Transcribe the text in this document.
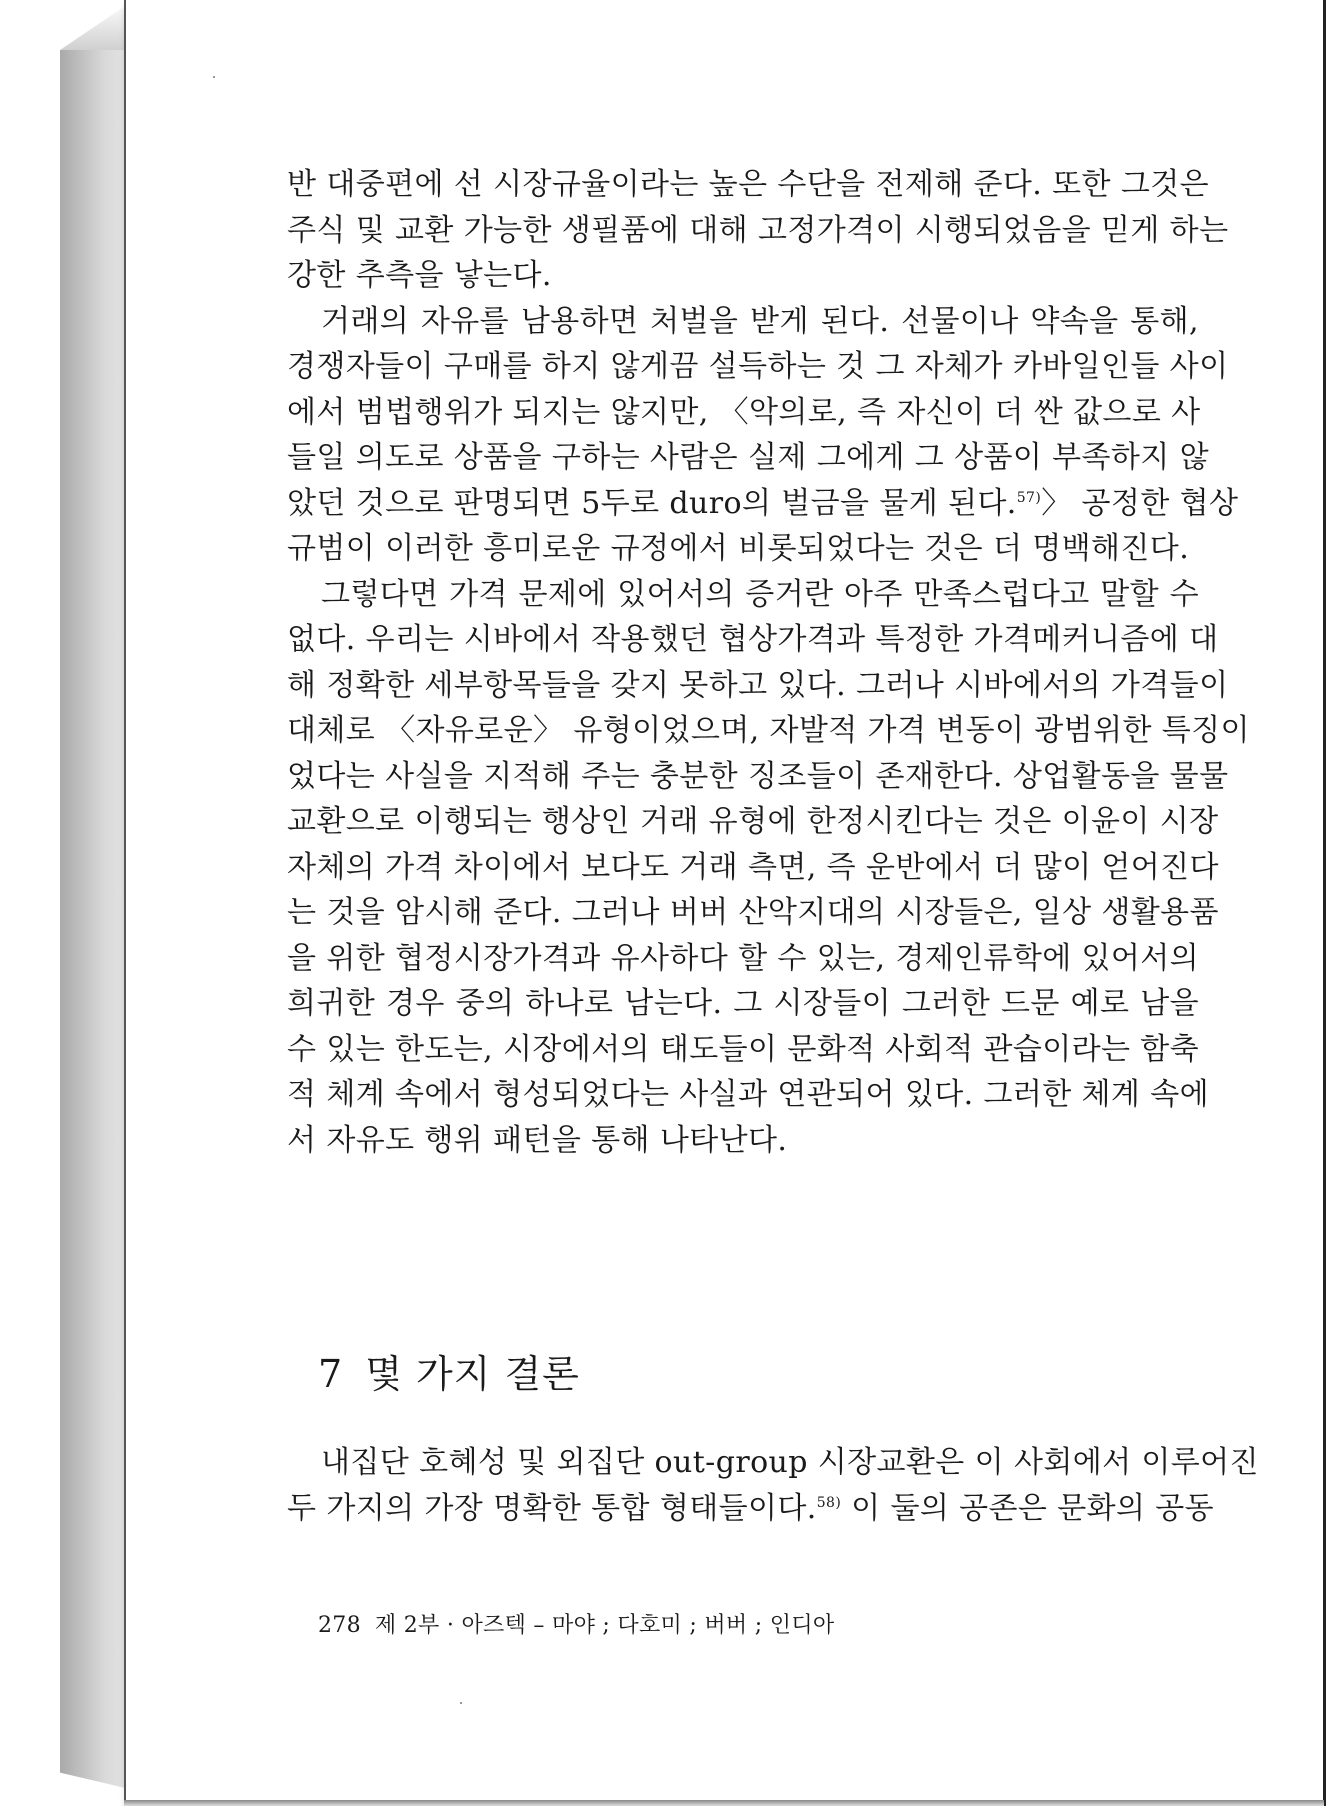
반 대중편에 선 시장규율이라는 높은 수단을 전제해 준다. 또한 그것은
주식 및 교환 가능한 생필품에 대해 고정가격이 시행되었음을 믿게 하는
강한 추측을 낳는다.
거래의 자유를 남용하면 처벌을 받게 된다. 선물이나 약속을 통해,
경쟁자들이 구매를 하지 않게끔 설득하는 것 그 자체가 카바일인들 사이
에서 범법행위가 되지는 않지만, 〈악의로, 즉 자신이 더 싼 값으로 사
들일 의도로 상품을 구하는 사람은 실제 그에게 그 상품이 부족하지 않
았던 것으로 판명되면 5두로 duro의 벌금을 물게 된다.$^{57)}$〉 공정한 협상
규범이 이러한 흥미로운 규정에서 비롯되었다는 것은 더 명백해진다.
그렇다면 가격 문제에 있어서의 증거란 아주 만족스럽다고 말할 수
없다. 우리는 시바에서 작용했던 협상가격과 특정한 가격메커니즘에 대
해 정확한 세부항목들을 갖지 못하고 있다. 그러나 시바에서의 가격들이
대체로 〈자유로운〉 유형이었으며, 자발적 가격 변동이 광범위한 특징이
었다는 사실을 지적해 주는 충분한 징조들이 존재한다. 상업활동을 물물
교환으로 이행되는 행상인 거래 유형에 한정시킨다는 것은 이윤이 시장
자체의 가격 차이에서 보다도 거래 측면, 즉 운반에서 더 많이 얻어진다
는 것을 암시해 준다. 그러나 버버 산악지대의 시장들은, 일상 생활용품
을 위한 협정시장가격과 유사하다 할 수 있는, 경제인류학에 있어서의
희귀한 경우 중의 하나로 남는다. 그 시장들이 그러한 드문 예로 남을
수 있는 한도는, 시장에서의 태도들이 문화적 사회적 관습이라는 함축
적 체계 속에서 형성되었다는 사실과 연관되어 있다. 그러한 체계 속에
서 자유도 행위 패턴을 통해 나타난다.
7 몇 가지 결론
내집단 호혜성 및 외집단 out-group 시장교환은 이 사회에서 이루어진
두 가지의 가장 명확한 통합 형태들이다.$^{58)}$ 이 둘의 공존은 문화의 공동
278 제 2부 · 아즈텍 – 마야 ; 다호미 ; 버버 ; 인디아
